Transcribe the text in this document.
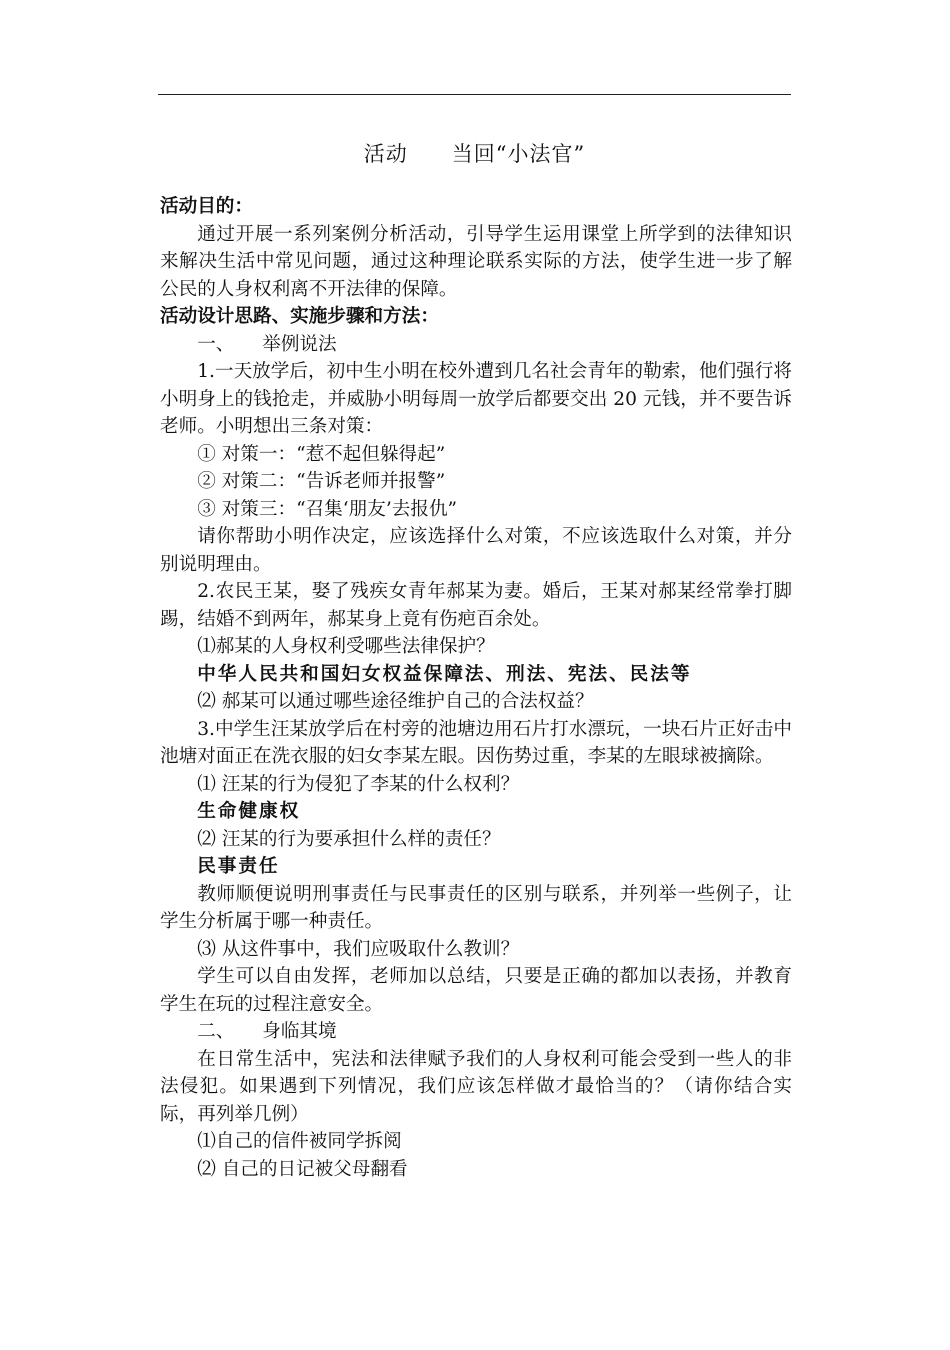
活动　　当回“小法官”

活动目的：

通过开展一系列案例分析活动，引导学生运用课堂上所学到的法律知识来解决生活中常见问题，通过这种理论联系实际的方法，使学生进一步了解公民的人身权利离不开法律的保障。

活动设计思路、实施步骤和方法：

一、　　举例说法

1.一天放学后，初中生小明在校外遭到几名社会青年的勒索，他们强行将小明身上的钱抢走，并威胁小明每周一放学后都要交出 20 元钱，并不要告诉老师。小明想出三条对策：

① 对策一：“惹不起但躲得起”

② 对策二：“告诉老师并报警”

③ 对策三：“召集‘朋友’去报仇”

请你帮助小明作决定，应该选择什么对策，不应该选取什么对策，并分别说明理由。

2.农民王某，娶了残疾女青年郝某为妻。婚后，王某对郝某经常拳打脚踢，结婚不到两年，郝某身上竟有伤疤百余处。

⑴郝某的人身权利受哪些法律保护？

中华人民共和国妇女权益保障法、刑法、宪法、民法等

⑵ 郝某可以通过哪些途径维护自己的合法权益？

3.中学生汪某放学后在村旁的池塘边用石片打水漂玩，一块石片正好击中池塘对面正在洗衣服的妇女李某左眼。因伤势过重，李某的左眼球被摘除。

⑴ 汪某的行为侵犯了李某的什么权利？

生命健康权

⑵ 汪某的行为要承担什么样的责任？

民事责任

教师顺便说明刑事责任与民事责任的区别与联系，并列举一些例子，让学生分析属于哪一种责任。

⑶ 从这件事中，我们应吸取什么教训？

学生可以自由发挥，老师加以总结，只要是正确的都加以表扬，并教育学生在玩的过程注意安全。

二、　　身临其境

在日常生活中，宪法和法律赋予我们的人身权利可能会受到一些人的非法侵犯。如果遇到下列情况，我们应该怎样做才最恰当的？（请你结合实际，再列举几例）

⑴自己的信件被同学拆阅

⑵ 自己的日记被父母翻看
